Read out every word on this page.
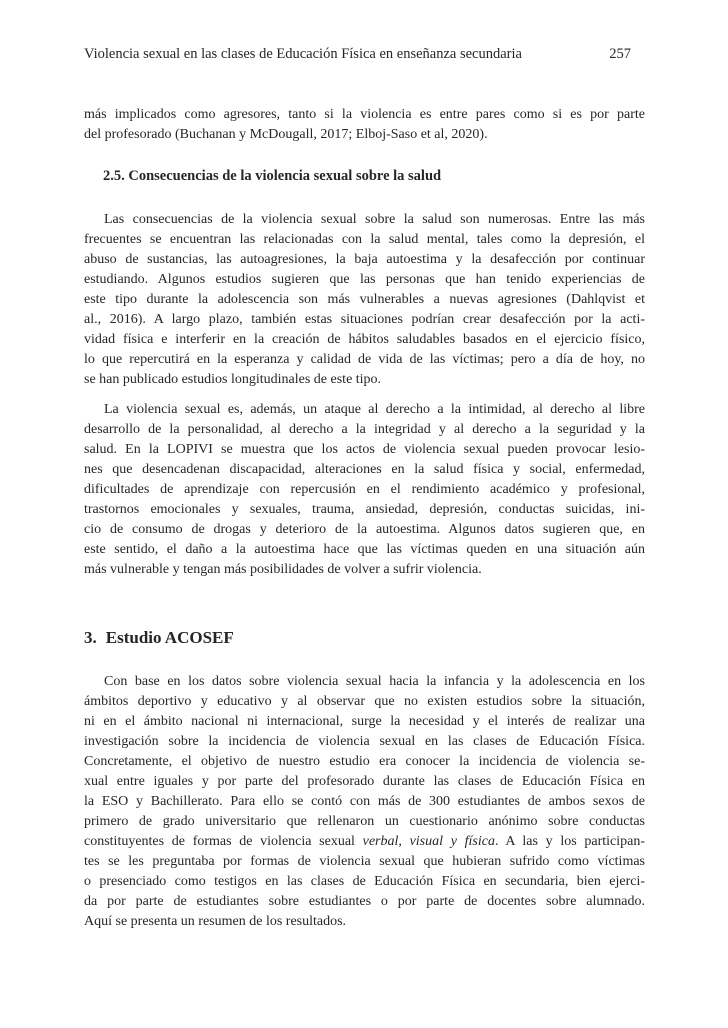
Violencia sexual en las clases de Educación Física en enseñanza secundaria	257
más implicados como agresores, tanto si la violencia es entre pares como si es por parte
del profesorado (Buchanan y McDougall, 2017; Elboj-Saso et al, 2020).
2.5. Consecuencias de la violencia sexual sobre la salud
Las consecuencias de la violencia sexual sobre la salud son numerosas. Entre las más
frecuentes se encuentran las relacionadas con la salud mental, tales como la depresión, el
abuso de sustancias, las autoagresiones, la baja autoestima y la desafección por continuar
estudiando. Algunos estudios sugieren que las personas que han tenido experiencias de
este tipo durante la adolescencia son más vulnerables a nuevas agresiones (Dahlqvist et
al., 2016). A largo plazo, también estas situaciones podrían crear desafección por la acti-
vidad física e interferir en la creación de hábitos saludables basados en el ejercicio físico,
lo que repercutirá en la esperanza y calidad de vida de las víctimas; pero a día de hoy, no
se han publicado estudios longitudinales de este tipo.
La violencia sexual es, además, un ataque al derecho a la intimidad, al derecho al libre
desarrollo de la personalidad, al derecho a la integridad y al derecho a la seguridad y la
salud. En la LOPIVI se muestra que los actos de violencia sexual pueden provocar lesio-
nes que desencadenan discapacidad, alteraciones en la salud física y social, enfermedad,
dificultades de aprendizaje con repercusión en el rendimiento académico y profesional,
trastornos emocionales y sexuales, trauma, ansiedad, depresión, conductas suicidas, ini-
cio de consumo de drogas y deterioro de la autoestima. Algunos datos sugieren que, en
este sentido, el daño a la autoestima hace que las víctimas queden en una situación aún
más vulnerable y tengan más posibilidades de volver a sufrir violencia.
3. Estudio ACOSEF
Con base en los datos sobre violencia sexual hacia la infancia y la adolescencia en los
ámbitos deportivo y educativo y al observar que no existen estudios sobre la situación,
ni en el ámbito nacional ni internacional, surge la necesidad y el interés de realizar una
investigación sobre la incidencia de violencia sexual en las clases de Educación Física.
Concretamente, el objetivo de nuestro estudio era conocer la incidencia de violencia se-
xual entre iguales y por parte del profesorado durante las clases de Educación Física en
la ESO y Bachillerato. Para ello se contó con más de 300 estudiantes de ambos sexos de
primero de grado universitario que rellenaron un cuestionario anónimo sobre conductas
constituyentes de formas de violencia sexual verbal, visual y física. A las y los participan-
tes se les preguntaba por formas de violencia sexual que hubieran sufrido como víctimas
o presenciado como testigos en las clases de Educación Física en secundaria, bien ejerci-
da por parte de estudiantes sobre estudiantes o por parte de docentes sobre alumnado.
Aquí se presenta un resumen de los resultados.
